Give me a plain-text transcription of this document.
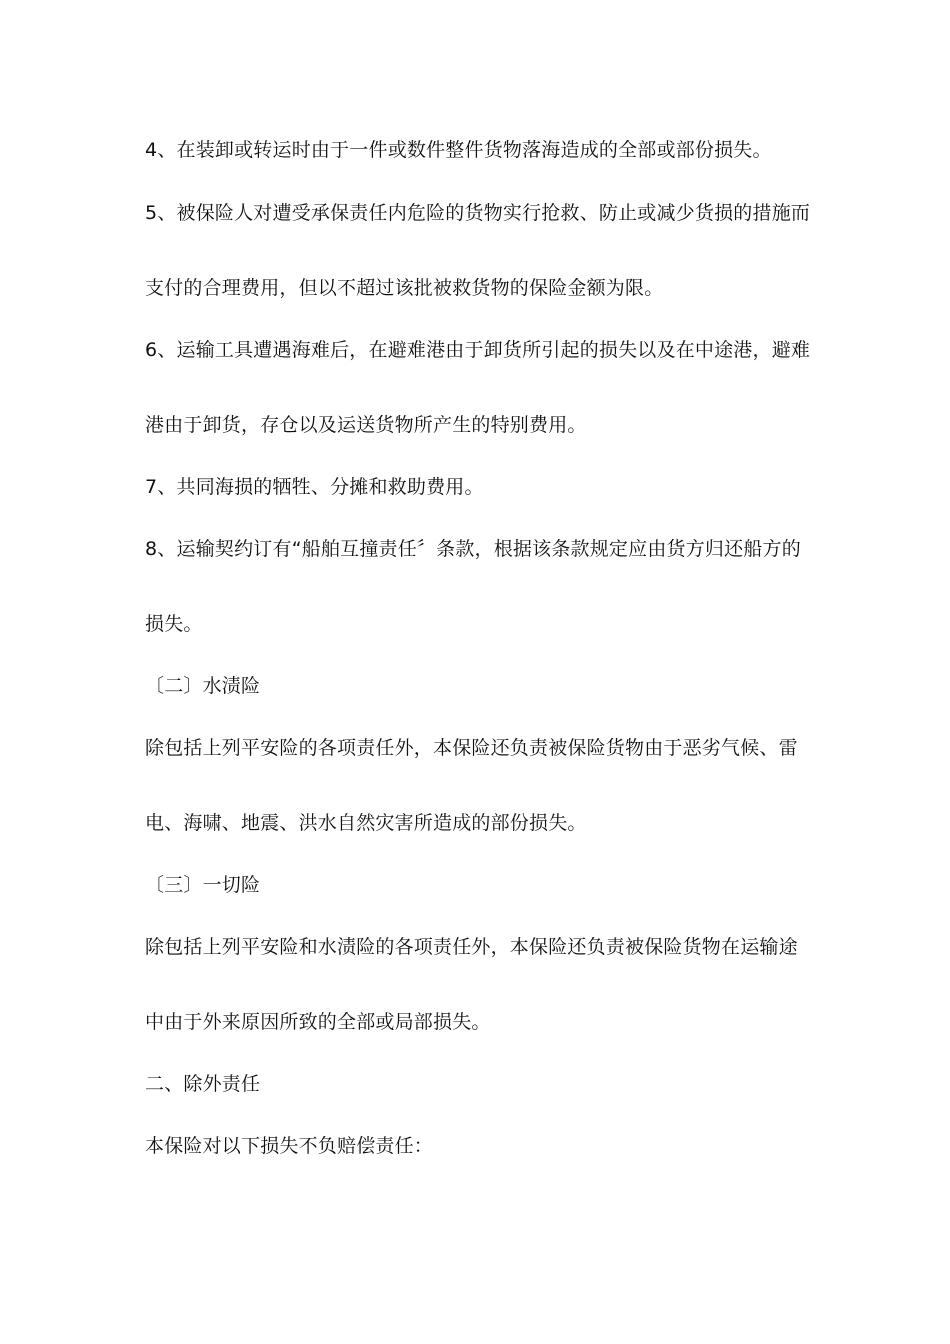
4、在装卸或转运时由于一件或数件整件货物落海造成的全部或部份损失。
5、被保险人对遭受承保责任内危险的货物实行抢救、防止或减少货损的措施而
支付的合理费用，但以不超过该批被救货物的保险金额为限。
6、运输工具遭遇海难后，在避难港由于卸货所引起的损失以及在中途港，避难
港由于卸货，存仓以及运送货物所产生的特别费用。
7、共同海损的牺牲、分摊和救助费用。
8、运输契约订有“船舶互撞责任〞条款，根据该条款规定应由货方归还船方的
损失。
〔二〕水渍险
除包括上列平安险的各项责任外，本保险还负责被保险货物由于恶劣气候、雷
电、海啸、地震、洪水自然灾害所造成的部份损失。
〔三〕一切险
除包括上列平安险和水渍险的各项责任外，本保险还负责被保险货物在运输途
中由于外来原因所致的全部或局部损失。
二、除外责任
本保险对以下损失不负赔偿责任：
